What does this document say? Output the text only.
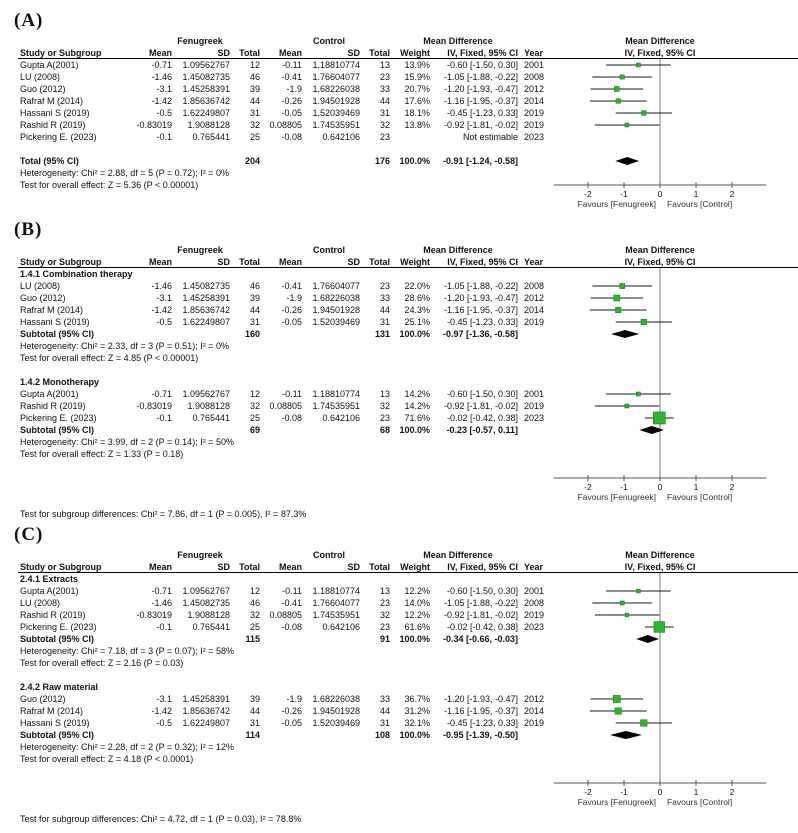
(A)
Fenugreek	Control	Mean Difference
Study or Subgroup	Mean	SD	Total	Mean	SD	Total	Weight	IV, Fixed, 95% CI Year
Gupta A(2001)	-0.71	1.09562767	12	-0.11	1.18810774	13	13.9%	-0.60 [-1.50, 0.30] 2001
LU (2008)	-1.46	1.45082735	46	-0.41	1.76604077	23	15.9%	-1.05 [-1.88, -0.22] 2008
Guo (2012)	-3.1	1.45258391	39	-1.9	1.68226038	33	20.7%	-1.20 [-1.93, -0.47] 2012
Rafraf M (2014)	-1.42	1.85636742	44	-0.26	1.94501928	44	17.6%	-1.16 [-1.95, -0.37] 2014
Hassani S (2019)	-0.5	1.62249807	31	-0.05	1.52039469	31	18.1%	-0.45 [-1.23, 0.33] 2019
Rashid R (2019)	-0.83019	1.9088128	32	0.08805	1.74535951	32	13.8%	-0.92 [-1.81, -0.02] 2019
Pickering E. (2023)	-0.1	0.765441	25	-0.08	0.642106	23	Not estimable 2023
Total (95% CI)	204	176	100.0%	-0.91 [-1.24, -0.58]
Heterogeneity: Chi² = 2.88, df = 5 (P = 0.72); I² = 0%
Test for overall effect: Z = 5.36 (P < 0.00001)
Mean Difference
IV, Fixed, 95% CI
-2	-1	0	1	2
Favours [Fenugreek] Favours [Control]
(B)
Fenugreek	Control	Mean Difference
Study or Subgroup	Mean	SD	Total	Mean	SD	Total	Weight	IV, Fixed, 95% CI Year
1.4.1 Combination therapy
LU (2008)	-1.46	1.45082735	46	-0.41	1.76604077	23	22.0%	-1.05 [-1.88, -0.22] 2008
Guo (2012)	-3.1	1.45258391	39	-1.9	1.68226038	33	28.6%	-1.20 [-1.93, -0.47] 2012
Rafraf M (2014)	-1.42	1.85636742	44	-0.26	1.94501928	44	24.3%	-1.16 [-1.95, -0.37] 2014
Hassani S (2019)	-0.5	1.62249807	31	-0.05	1.52039469	31	25.1%	-0.45 [-1.23, 0.33] 2019
Subtotal (95% CI)	160	131	100.0%	-0.97 [-1.36, -0.58]
Heterogeneity: Chi² = 2.33, df = 3 (P = 0.51); I² = 0%
Test for overall effect: Z = 4.85 (P < 0.00001)
1.4.2 Monotherapy
Gupta A(2001)	-0.71	1.09562767	12	-0.11	1.18810774	13	14.2%	-0.60 [-1.50, 0.30] 2001
Rashid R (2019)	-0.83019	1.9088128	32	0.08805	1.74535951	32	14.2%	-0.92 [-1.81, -0.02] 2019
Pickering E. (2023)	-0.1	0.765441	25	-0.08	0.642106	23	71.6%	-0.02 [-0.42, 0.38] 2023
Subtotal (95% CI)	69	68	100.0%	-0.23 [-0.57, 0.11]
Heterogeneity: Chi² = 3.99, df = 2 (P = 0.14); I² = 50%
Test for overall effect: Z = 1.33 (P = 0.18)
Test for subgroup differences: Chi² = 7.86, df = 1 (P = 0.005), I² = 87.3%
Mean Difference
IV, Fixed, 95% CI
-2	-1	0	1	2
Favours [Fenugreek] Favours [Control]
(C)
Fenugreek	Control	Mean Difference
Study or Subgroup	Mean	SD	Total	Mean	SD	Total	Weight	IV, Fixed, 95% CI Year
2.4.1 Extracts
Gupta A(2001)	-0.71	1.09562767	12	-0.11	1.18810774	13	12.2%	-0.60 [-1.50, 0.30] 2001
LU (2008)	-1.46	1.45082735	46	-0.41	1.76604077	23	14.0%	-1.05 [-1.88, -0.22] 2008
Rashid R (2019)	-0.83019	1.9088128	32	0.08805	1.74535951	32	12.2%	-0.92 [-1.81, -0.02] 2019
Pickering E. (2023)	-0.1	0.765441	25	-0.08	0.642106	23	61.6%	-0.02 [-0.42, 0.38] 2023
Subtotal (95% CI)	115	91	100.0%	-0.34 [-0.66, -0.03]
Heterogeneity: Chi² = 7.18, df = 3 (P = 0.07); I² = 58%
Test for overall effect: Z = 2.16 (P = 0.03)
2.4.2 Raw material
Guo (2012)	-3.1	1.45258391	39	-1.9	1.68226038	33	36.7%	-1.20 [-1.93, -0.47] 2012
Rafraf M (2014)	-1.42	1.85636742	44	-0.26	1.94501928	44	31.2%	-1.16 [-1.95, -0.37] 2014
Hassani S (2019)	-0.5	1.62249807	31	-0.05	1.52039469	31	32.1%	-0.45 [-1.23, 0.33] 2019
Subtotal (95% CI)	114	108	100.0%	-0.95 [-1.39, -0.50]
Heterogeneity: Chi² = 2.28, df = 2 (P = 0.32); I² = 12%
Test for overall effect: Z = 4.18 (P < 0.0001)
Test for subgroup differences: Chi² = 4.72, df = 1 (P = 0.03), I² = 78.8%
Mean Difference
IV, Fixed, 95% CI
-2	-1	0	1	2
Favours [Fenugreek] Favours [Control]
